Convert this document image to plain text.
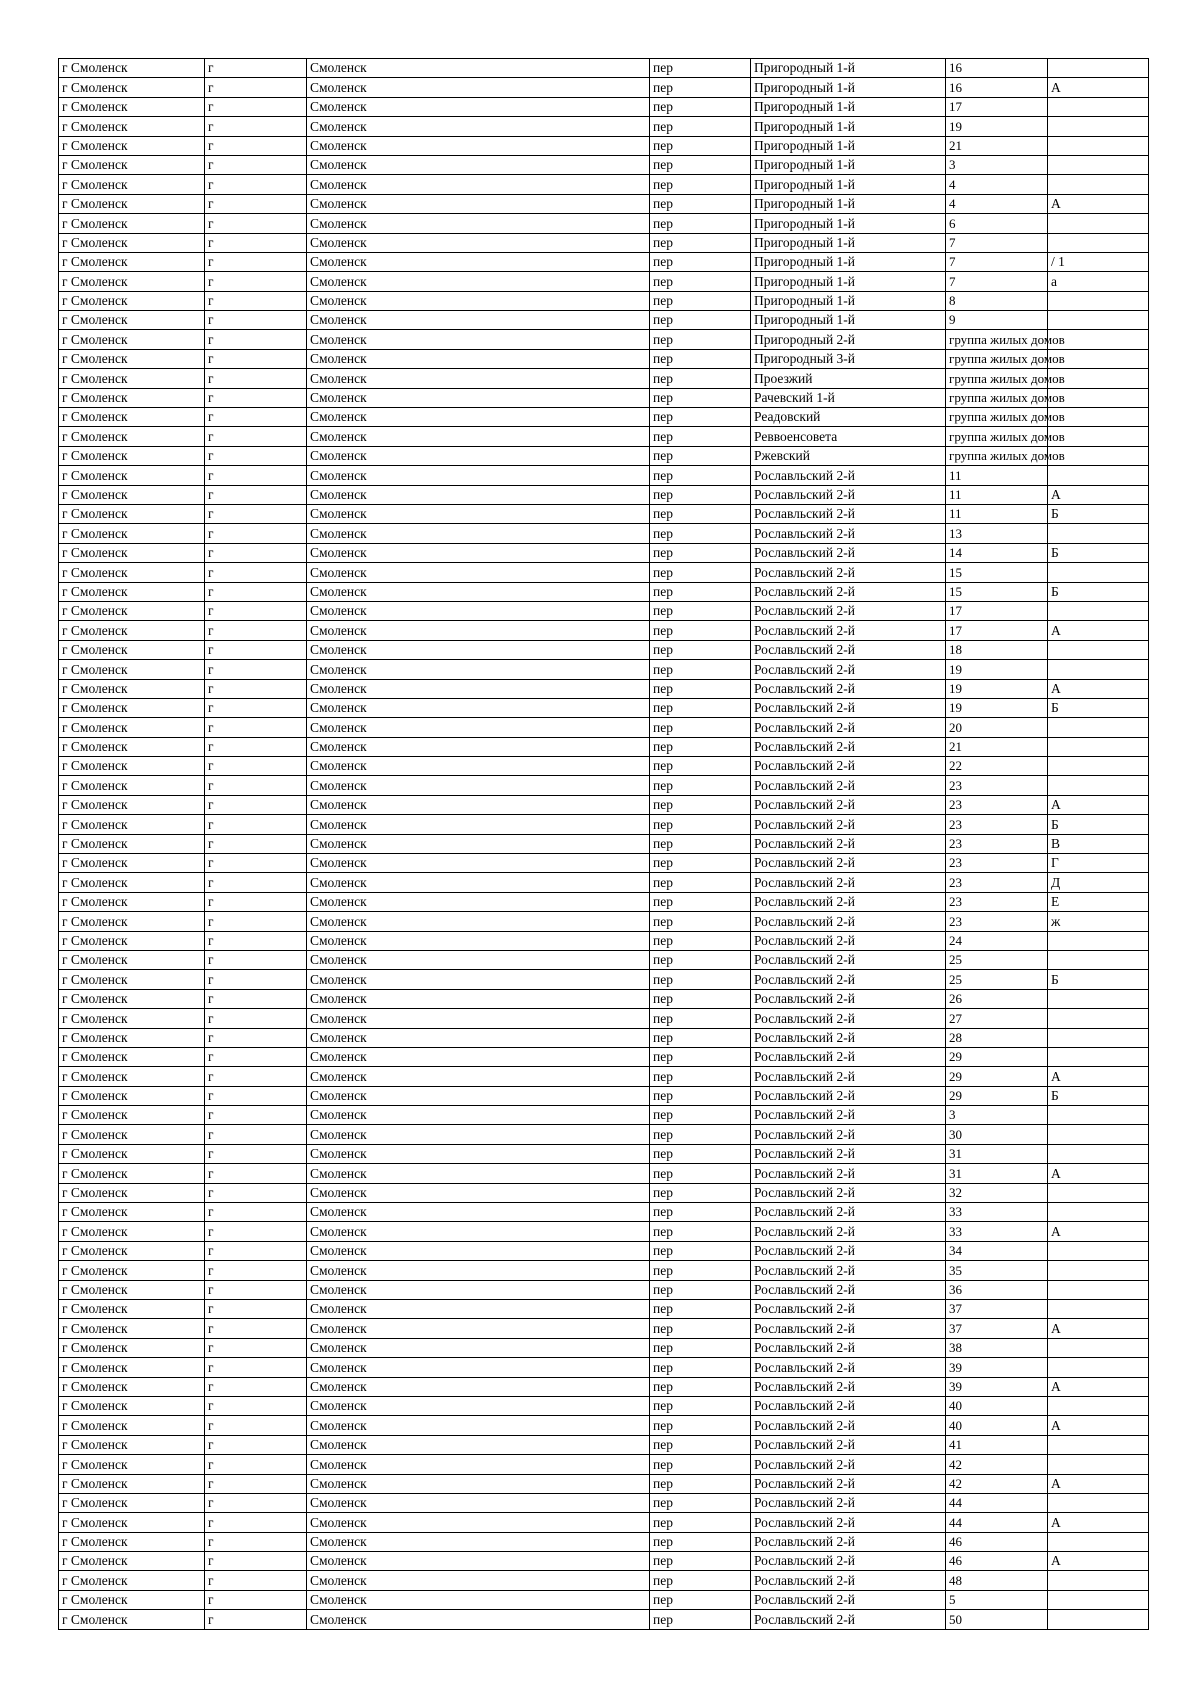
г Смоленск	г	Смоленск	пер	Пригородный 1-й	16	
г Смоленск	г	Смоленск	пер	Пригородный 1-й	16	А
г Смоленск	г	Смоленск	пер	Пригородный 1-й	17	
г Смоленск	г	Смоленск	пер	Пригородный 1-й	19	
г Смоленск	г	Смоленск	пер	Пригородный 1-й	21	
г Смоленск	г	Смоленск	пер	Пригородный 1-й	3	
г Смоленск	г	Смоленск	пер	Пригородный 1-й	4	
г Смоленск	г	Смоленск	пер	Пригородный 1-й	4	А
г Смоленск	г	Смоленск	пер	Пригородный 1-й	6	
г Смоленск	г	Смоленск	пер	Пригородный 1-й	7	
г Смоленск	г	Смоленск	пер	Пригородный 1-й	7	/ 1
г Смоленск	г	Смоленск	пер	Пригородный 1-й	7	а
г Смоленск	г	Смоленск	пер	Пригородный 1-й	8	
г Смоленск	г	Смоленск	пер	Пригородный 1-й	9	
г Смоленск	г	Смоленск	пер	Пригородный 2-й	группа жилых домов	
г Смоленск	г	Смоленск	пер	Пригородный 3-й	группа жилых домов	
г Смоленск	г	Смоленск	пер	Проезжий	группа жилых домов	
г Смоленск	г	Смоленск	пер	Рачевский 1-й	группа жилых домов	
г Смоленск	г	Смоленск	пер	Реадовский	группа жилых домов	
г Смоленск	г	Смоленск	пер	Реввоенсовета	группа жилых домов	
г Смоленск	г	Смоленск	пер	Ржевский	группа жилых домов	
г Смоленск	г	Смоленск	пер	Рославльский 2-й	11	
г Смоленск	г	Смоленск	пер	Рославльский 2-й	11	А
г Смоленск	г	Смоленск	пер	Рославльский 2-й	11	Б
г Смоленск	г	Смоленск	пер	Рославльский 2-й	13	
г Смоленск	г	Смоленск	пер	Рославльский 2-й	14	Б
г Смоленск	г	Смоленск	пер	Рославльский 2-й	15	
г Смоленск	г	Смоленск	пер	Рославльский 2-й	15	Б
г Смоленск	г	Смоленск	пер	Рославльский 2-й	17	
г Смоленск	г	Смоленск	пер	Рославльский 2-й	17	А
г Смоленск	г	Смоленск	пер	Рославльский 2-й	18	
г Смоленск	г	Смоленск	пер	Рославльский 2-й	19	
г Смоленск	г	Смоленск	пер	Рославльский 2-й	19	А
г Смоленск	г	Смоленск	пер	Рославльский 2-й	19	Б
г Смоленск	г	Смоленск	пер	Рославльский 2-й	20	
г Смоленск	г	Смоленск	пер	Рославльский 2-й	21	
г Смоленск	г	Смоленск	пер	Рославльский 2-й	22	
г Смоленск	г	Смоленск	пер	Рославльский 2-й	23	
г Смоленск	г	Смоленск	пер	Рославльский 2-й	23	А
г Смоленск	г	Смоленск	пер	Рославльский 2-й	23	Б
г Смоленск	г	Смоленск	пер	Рославльский 2-й	23	В
г Смоленск	г	Смоленск	пер	Рославльский 2-й	23	Г
г Смоленск	г	Смоленск	пер	Рославльский 2-й	23	Д
г Смоленск	г	Смоленск	пер	Рославльский 2-й	23	Е
г Смоленск	г	Смоленск	пер	Рославльский 2-й	23	ж
г Смоленск	г	Смоленск	пер	Рославльский 2-й	24	
г Смоленск	г	Смоленск	пер	Рославльский 2-й	25	
г Смоленск	г	Смоленск	пер	Рославльский 2-й	25	Б
г Смоленск	г	Смоленск	пер	Рославльский 2-й	26	
г Смоленск	г	Смоленск	пер	Рославльский 2-й	27	
г Смоленск	г	Смоленск	пер	Рославльский 2-й	28	
г Смоленск	г	Смоленск	пер	Рославльский 2-й	29	
г Смоленск	г	Смоленск	пер	Рославльский 2-й	29	А
г Смоленск	г	Смоленск	пер	Рославльский 2-й	29	Б
г Смоленск	г	Смоленск	пер	Рославльский 2-й	3	
г Смоленск	г	Смоленск	пер	Рославльский 2-й	30	
г Смоленск	г	Смоленск	пер	Рославльский 2-й	31	
г Смоленск	г	Смоленск	пер	Рославльский 2-й	31	А
г Смоленск	г	Смоленск	пер	Рославльский 2-й	32	
г Смоленск	г	Смоленск	пер	Рославльский 2-й	33	
г Смоленск	г	Смоленск	пер	Рославльский 2-й	33	А
г Смоленск	г	Смоленск	пер	Рославльский 2-й	34	
г Смоленск	г	Смоленск	пер	Рославльский 2-й	35	
г Смоленск	г	Смоленск	пер	Рославльский 2-й	36	
г Смоленск	г	Смоленск	пер	Рославльский 2-й	37	
г Смоленск	г	Смоленск	пер	Рославльский 2-й	37	А
г Смоленск	г	Смоленск	пер	Рославльский 2-й	38	
г Смоленск	г	Смоленск	пер	Рославльский 2-й	39	
г Смоленск	г	Смоленск	пер	Рославльский 2-й	39	А
г Смоленск	г	Смоленск	пер	Рославльский 2-й	40	
г Смоленск	г	Смоленск	пер	Рославльский 2-й	40	А
г Смоленск	г	Смоленск	пер	Рославльский 2-й	41	
г Смоленск	г	Смоленск	пер	Рославльский 2-й	42	
г Смоленск	г	Смоленск	пер	Рославльский 2-й	42	А
г Смоленск	г	Смоленск	пер	Рославльский 2-й	44	
г Смоленск	г	Смоленск	пер	Рославльский 2-й	44	А
г Смоленск	г	Смоленск	пер	Рославльский 2-й	46	
г Смоленск	г	Смоленск	пер	Рославльский 2-й	46	А
г Смоленск	г	Смоленск	пер	Рославльский 2-й	48	
г Смоленск	г	Смоленск	пер	Рославльский 2-й	5	
г Смоленск	г	Смоленск	пер	Рославльский 2-й	50	
